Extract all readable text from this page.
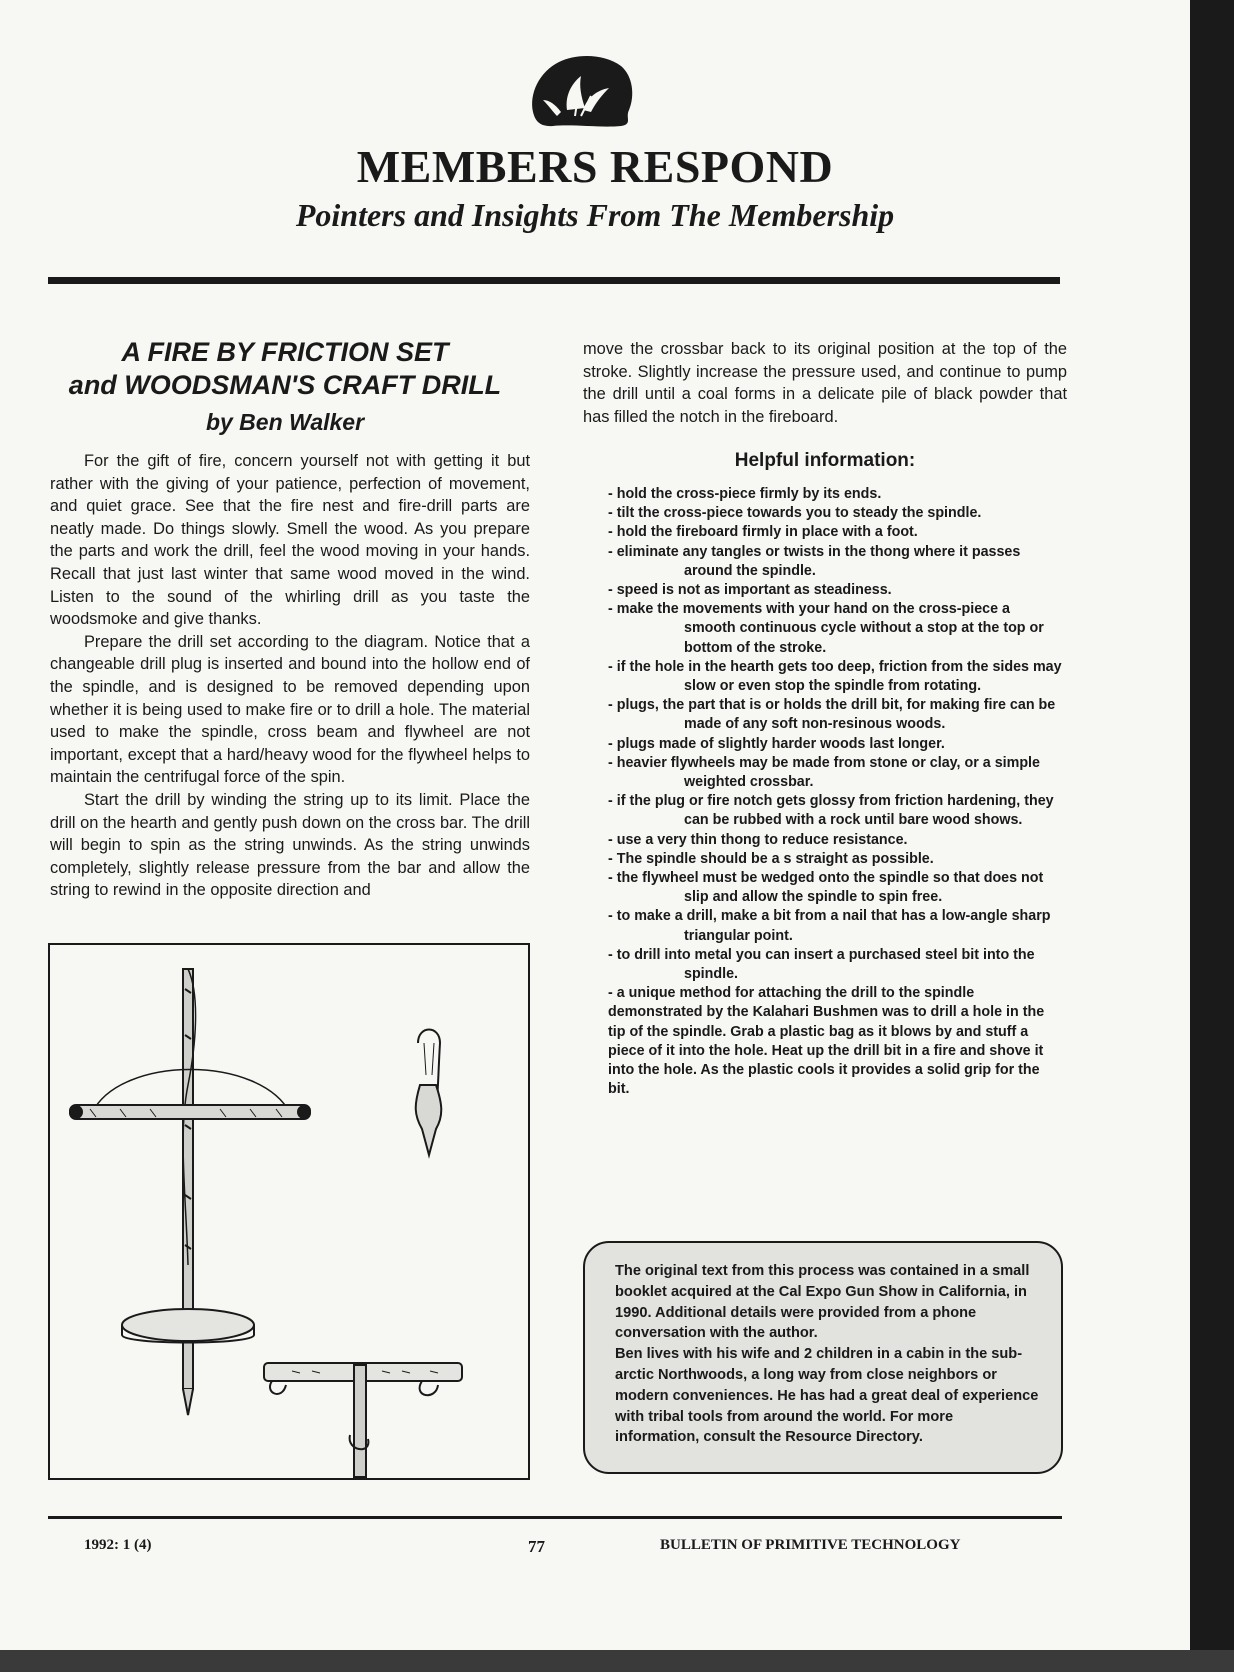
MEMBERS RESPOND
Pointers and Insights From The Membership
A FIRE BY FRICTION SET
and WOODSMAN'S CRAFT DRILL
by Ben Walker

For the gift of fire, concern yourself not with getting it but rather with the giving of your patience, perfection of movement, and quiet grace. See that the fire nest and fire-drill parts are neatly made. Do things slowly. Smell the wood. As you prepare the parts and work the drill, feel the wood moving in your hands. Recall that just last winter that same wood moved in the wind. Listen to the sound of the whirling drill as you taste the woodsmoke and give thanks.

Prepare the drill set according to the diagram. Notice that a changeable drill plug is inserted and bound into the hollow end of the spindle, and is designed to be removed depending upon whether it is being used to make fire or to drill a hole. The material used to make the spindle, cross beam and flywheel are not important, except that a hard/heavy wood for the flywheel helps to maintain the centrifugal force of the spin.

Start the drill by winding the string up to its limit. Place the drill on the hearth and gently push down on the cross bar. The drill will begin to spin as the string unwinds. As the string unwinds completely, slightly release pressure from the bar and allow the string to rewind in the opposite direction and

move the crossbar back to its original position at the top of the stroke. Slightly increase the pressure used, and continue to pump the drill until a coal forms in a delicate pile of black powder that has filled the notch in the fireboard.
Helpful information:
- hold the cross-piece firmly by its ends.
- tilt the cross-piece towards you to steady the spindle.
- hold the fireboard firmly in place with a foot.
- eliminate any tangles or twists in the thong where it passes around the spindle.
- speed is not as important as steadiness.
- make the movements with your hand on the cross-piece a smooth continuous cycle without a stop at the top or bottom of the stroke.
- if the hole in the hearth gets too deep, friction from the sides may slow or even stop the spindle from rotating.
- plugs, the part that is or holds the drill bit, for making fire can be made of any soft non-resinous woods.
- plugs made of slightly harder woods last longer.
- heavier flywheels may be made from stone or clay, or a simple weighted crossbar.
- if the plug or fire notch gets glossy from friction hardening, they can be rubbed with a rock until bare wood shows.
- use a very thin thong to reduce resistance.
- The spindle should be a s straight as possible.
- the flywheel must be wedged onto the spindle so that does not slip and allow the spindle to spin free.
- to make a drill, make a bit from a nail that has a low-angle sharp triangular point.
- to drill into metal you can insert a purchased steel bit into the spindle.
- a unique method for attaching the drill to the spindle demonstrated by the Kalahari Bushmen was to drill a hole in the tip of the spindle. Grab a plastic bag as it blows by and stuff a piece of it into the hole. Heat up the drill bit in a fire and shove it into the hole. As the plastic cools it provides a solid grip for the bit.
The original text from this process was contained in a small booklet acquired at the Cal Expo Gun Show in California, in 1990. Additional details were provided from a phone conversation with the author.
Ben lives with his wife and 2 children in a cabin in the sub-arctic Northwoods, a long way from close neighbors or modern conveniences. He has had a great deal of experience with tribal tools from around the world. For more information, consult the Resource Directory.
1992: 1 (4)	77	BULLETIN OF PRIMITIVE TECHNOLOGY
